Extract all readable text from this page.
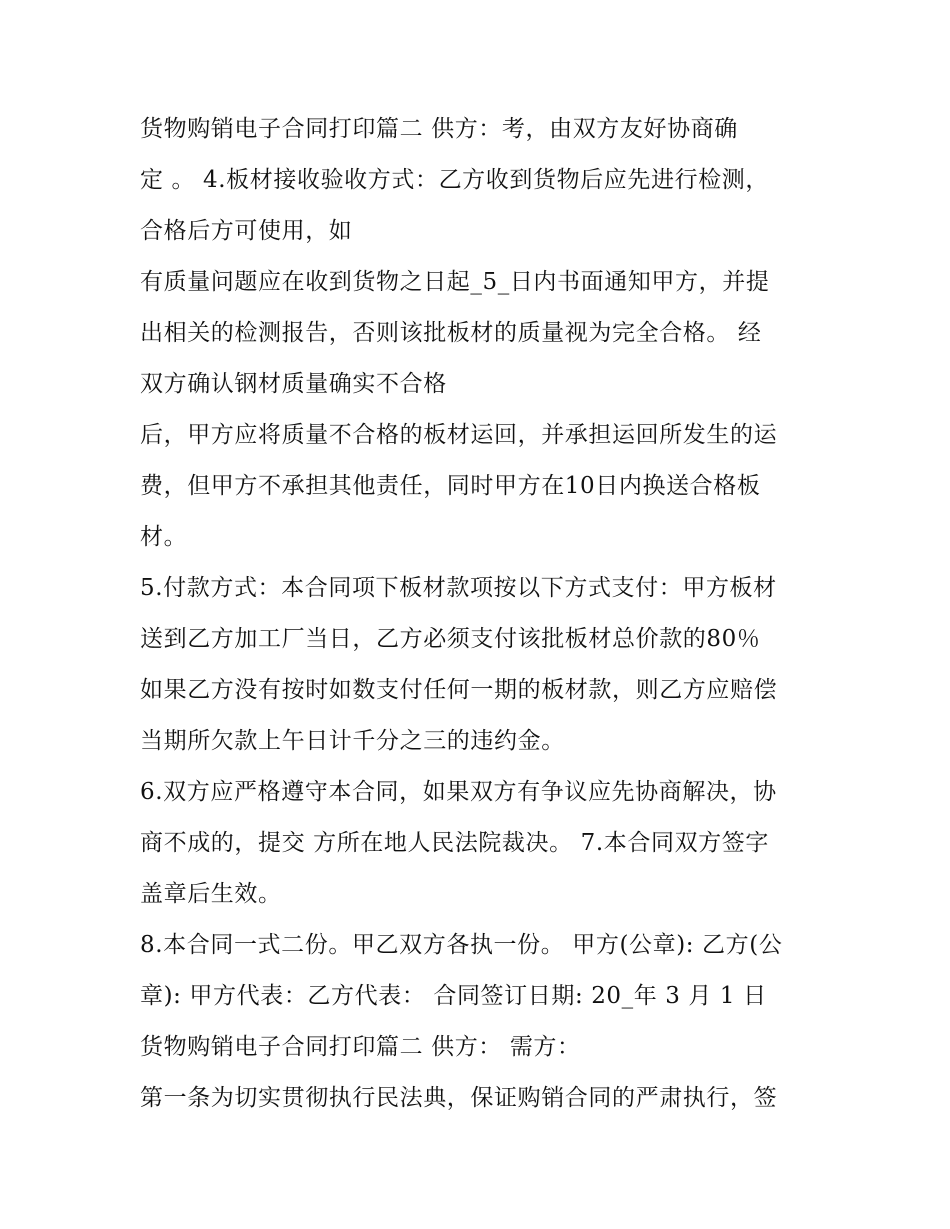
货物购销电子合同打印篇二 供方：考，由双方友好协商确
定 。 4.板材接收验收方式：乙方收到货物后应先进行检测，
合格后方可使用，如
有质量问题应在收到货物之日起_5_日内书面通知甲方，并提
出相关的检测报告，否则该批板材的质量视为完全合格。 经
双方确认钢材质量确实不合格
后，甲方应将质量不合格的板材运回，并承担运回所发生的运
费，但甲方不承担其他责任，同时甲方在10日内换送合格板
材。
5.付款方式：本合同项下板材款项按以下方式支付：甲方板材
送到乙方加工厂当日，乙方必须支付该批板材总价款的80％
如果乙方没有按时如数支付任何一期的板材款，则乙方应赔偿
当期所欠款上午日计千分之三的违约金。
6.双方应严格遵守本合同，如果双方有争议应先协商解决，协
商不成的，提交 方所在地人民法院裁决。 7.本合同双方签字
盖章后生效。
8.本合同一式二份。甲乙双方各执一份。 甲方(公章): 乙方(公
章): 甲方代表：乙方代表： 合同签订日期: 20_年 3 月 1 日
货物购销电子合同打印篇二 供方： 需方：
第一条为切实贯彻执行民法典，保证购销合同的严肃执行，签
